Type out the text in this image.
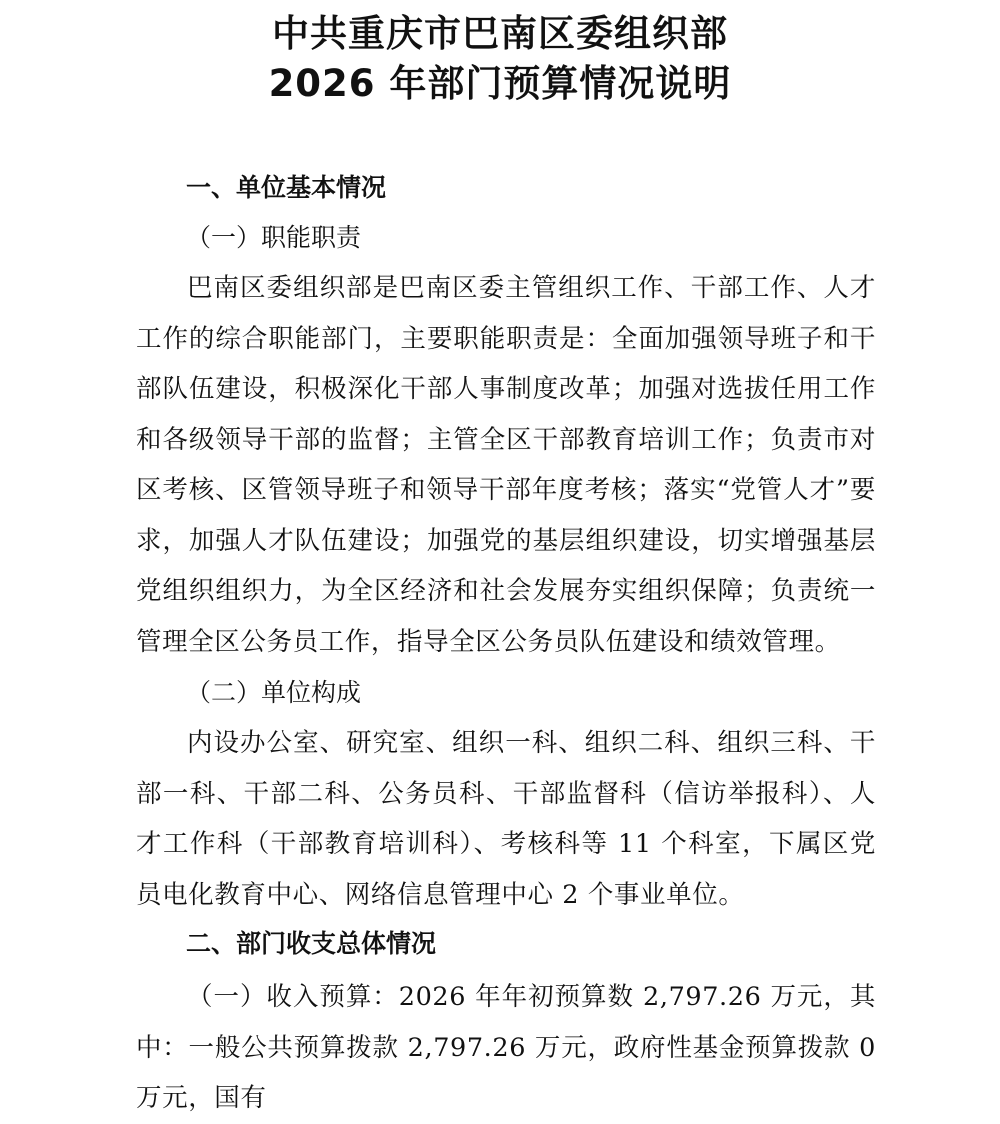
中共重庆市巴南区委组织部
2026 年部门预算情况说明
一、单位基本情况
（一）职能职责

巴南区委组织部是巴南区委主管组织工作、干部工作、人才工作的综合职能部门，主要职能职责是：全面加强领导班子和干部队伍建设，积极深化干部人事制度改革；加强对选拔任用工作和各级领导干部的监督；主管全区干部教育培训工作；负责市对区考核、区管领导班子和领导干部年度考核；落实“党管人才”要求，加强人才队伍建设；加强党的基层组织建设，切实增强基层党组织组织力，为全区经济和社会发展夯实组织保障；负责统一管理全区公务员工作，指导全区公务员队伍建设和绩效管理。

（二）单位构成

内设办公室、研究室、组织一科、组织二科、组织三科、干部一科、干部二科、公务员科、干部监督科（信访举报科）、人才工作科（干部教育培训科）、考核科等 11 个科室，下属区党员电化教育中心、网络信息管理中心 2 个事业单位。

二、部门收支总体情况

（一）收入预算：2026 年年初预算数 2,797.26 万元，其中：一般公共预算拨款 2,797.26 万元，政府性基金预算拨款 0 万元，国有
